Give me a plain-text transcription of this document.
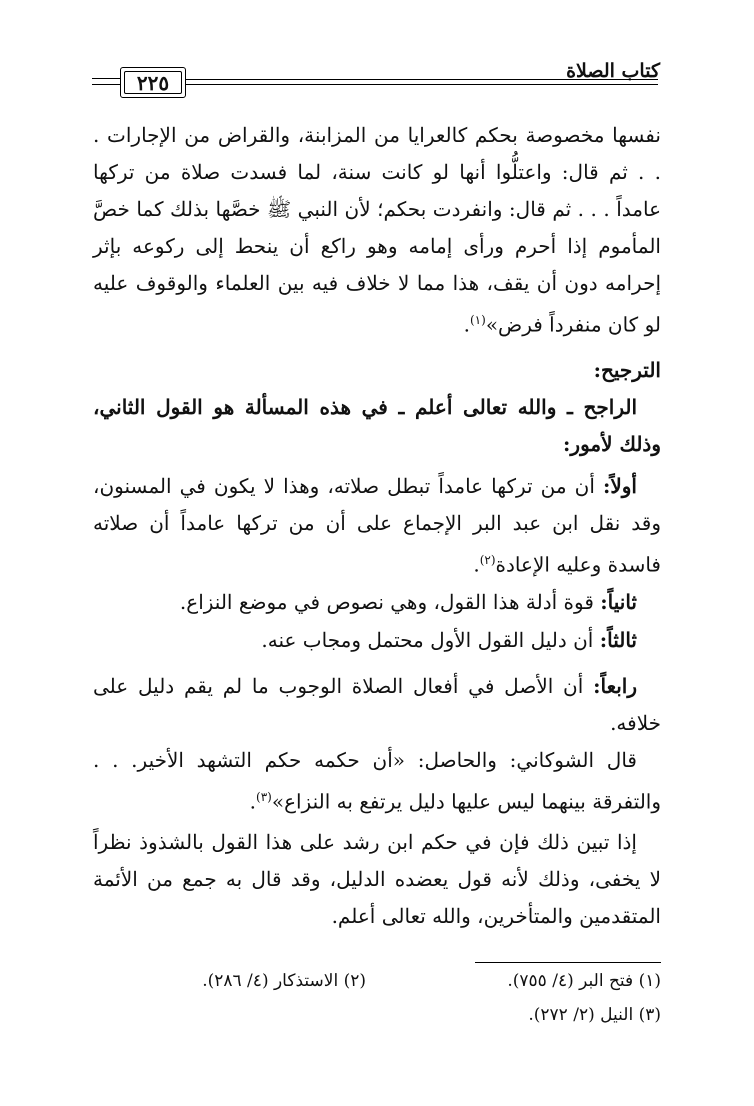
كتاب الصلاة
٢٢٥
نفسها مخصوصة بحكم كالعرايا من المزابنة، والقراض من الإجارات . . . ثم قال: واعتلُّوا أنها لو كانت سنة، لما فسدت صلاة من تركها عامداً . . . ثم قال: وانفردت بحكم؛ لأن النبي ﷺ خصَّها بذلك كما خصَّ المأموم إذا أحرم ورأى إمامه وهو راكع أن ينحط إلى ركوعه بإثر إحرامه دون أن يقف، هذا مما لا خلاف فيه بين العلماء والوقوف عليه لو كان منفرداً فرض»$^{(١)}$.
الترجيح:
الراجح ـ والله تعالى أعلم ـ في هذه المسألة هو القول الثاني، وذلك لأمور:
أولاً: أن من تركها عامداً تبطل صلاته، وهذا لا يكون في المسنون، وقد نقل ابن عبد البر الإجماع على أن من تركها عامداً أن صلاته فاسدة وعليه الإعادة$^{(٢)}$.
ثانياً: قوة أدلة هذا القول، وهي نصوص في موضع النزاع.
ثالثاً: أن دليل القول الأول محتمل ومجاب عنه.
رابعاً: أن الأصل في أفعال الصلاة الوجوب ما لم يقم دليل على خلافه.
قال الشوكاني: والحاصل: «أن حكمه حكم التشهد الأخير. . . والتفرقة بينهما ليس عليها دليل يرتفع به النزاع»$^{(٣)}$.
إذا تبين ذلك فإن في حكم ابن رشد على هذا القول بالشذوذ نظراً لا يخفى، وذلك لأنه قول يعضده الدليل، وقد قال به جمع من الأئمة المتقدمين والمتأخرين، والله تعالى أعلم.
(١) فتح البر (٤/ ٧٥٥).
(٢) الاستذكار (٤/ ٢٨٦).
(٣) النيل (٢/ ٢٧٢).
